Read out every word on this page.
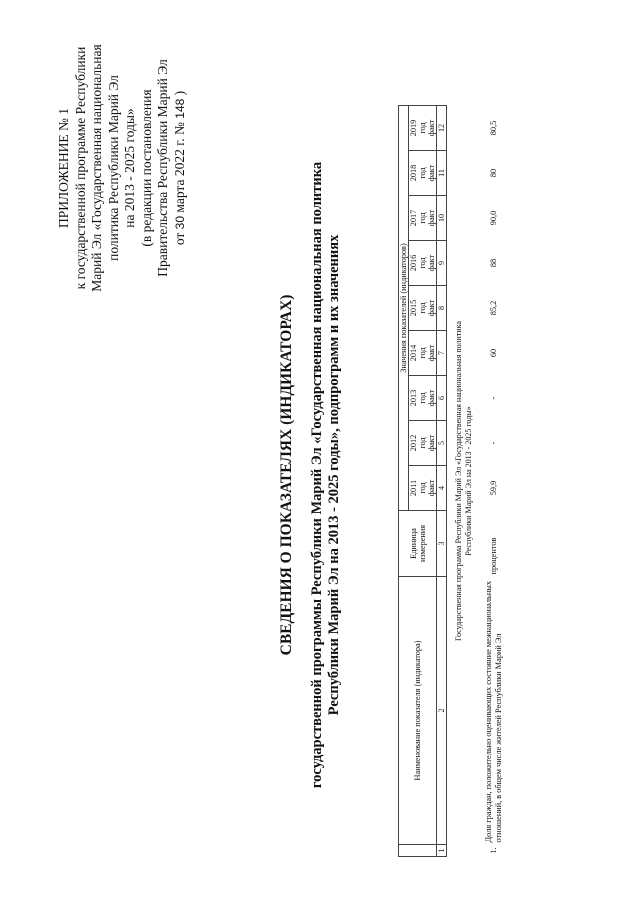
ПРИЛОЖЕНИЕ № 1 к государственной программе Республики Марий Эл «Государственная национальная политика Республики Марий Эл на 2013 - 2025 годы» (в редакции постановления Правительства Республики Марий Эл от 30 марта 2022 г. № 148 )
СВЕДЕНИЯ О ПОКАЗАТЕЛЯХ (ИНДИКАТОРАХ) государственной программы Республики Марий Эл «Государственная национальная политика Республики Марий Эл на 2013 - 2025 годы», подпрограмм и их значениях
		Наименование показателя (индикатора)	Единица измерения	Значения показателей (индикаторов)								

			2011 год факт	2012 год факт	2013 год факт	2014 год факт	2015 год факт	2016 год факт	2017 год факт	2018 год факт	2019 год факт

1	2	3	4	5	6	7	8	9	10	11	12

Государственная программа Республики Марий Эл «Государственная национальная политика Республики Марий Эл на 2013 - 2025 годы»											

1.	Доля граждан, положительно оценивающих состояние межнациональных отношений, в общем числе жителей Республики Марий Эл	процентов	59,9	-	-	60	85,2	88	90,0	80	80,5
